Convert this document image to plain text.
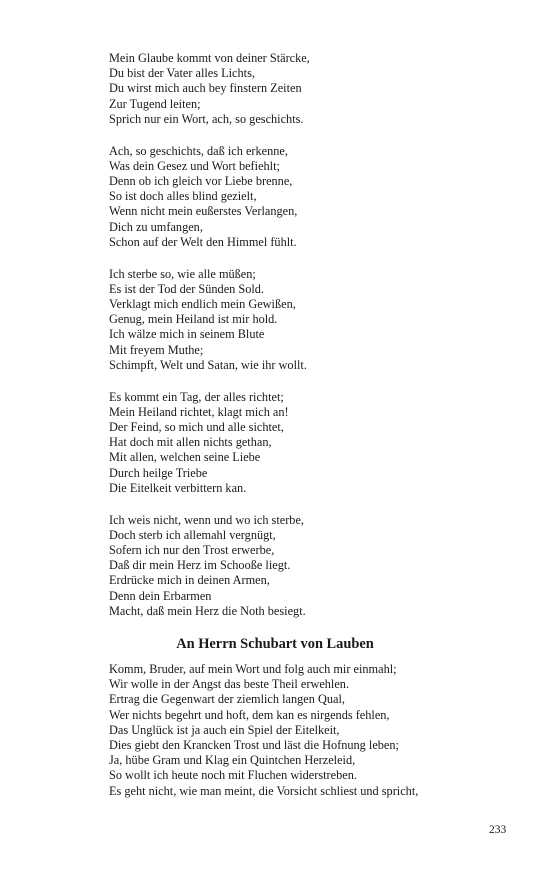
Mein Glaube kommt von deiner Stärcke,
Du bist der Vater alles Lichts,
Du wirst mich auch bey finstern Zeiten
Zur Tugend leiten;
Sprich nur ein Wort, ach, so geschichts.
Ach, so geschichts, daß ich erkenne,
Was dein Gesez und Wort befiehlt;
Denn ob ich gleich vor Liebe brenne,
So ist doch alles blind gezielt,
Wenn nicht mein eußerstes Verlangen,
Dich zu umfangen,
Schon auf der Welt den Himmel fühlt.
Ich sterbe so, wie alle müßen;
Es ist der Tod der Sünden Sold.
Verklagt mich endlich mein Gewißen,
Genug, mein Heiland ist mir hold.
Ich wälze mich in seinem Blute
Mit freyem Muthe;
Schimpft, Welt und Satan, wie ihr wollt.
Es kommt ein Tag, der alles richtet;
Mein Heiland richtet, klagt mich an!
Der Feind, so mich und alle sichtet,
Hat doch mit allen nichts gethan,
Mit allen, welchen seine Liebe
Durch heilge Triebe
Die Eitelkeit verbittern kan.
Ich weis nicht, wenn und wo ich sterbe,
Doch sterb ich allemahl vergnügt,
Sofern ich nur den Trost erwerbe,
Daß dir mein Herz im Schooße liegt.
Erdrücke mich in deinen Armen,
Denn dein Erbarmen
Macht, daß mein Herz die Noth besiegt.
An Herrn Schubart von Lauben
Komm, Bruder, auf mein Wort und folg auch mir einmahl;
Wir wolle in der Angst das beste Theil erwehlen.
Ertrag die Gegenwart der ziemlich langen Qual,
Wer nichts begehrt und hoft, dem kan es nirgends fehlen,
Das Unglück ist ja auch ein Spiel der Eitelkeit,
Dies giebt den Krancken Trost und läst die Hofnung leben;
Ja, hübe Gram und Klag ein Quintchen Herzeleid,
So wollt ich heute noch mit Fluchen widerstreben.
Es geht nicht, wie man meint, die Vorsicht schliest und spricht,
233
